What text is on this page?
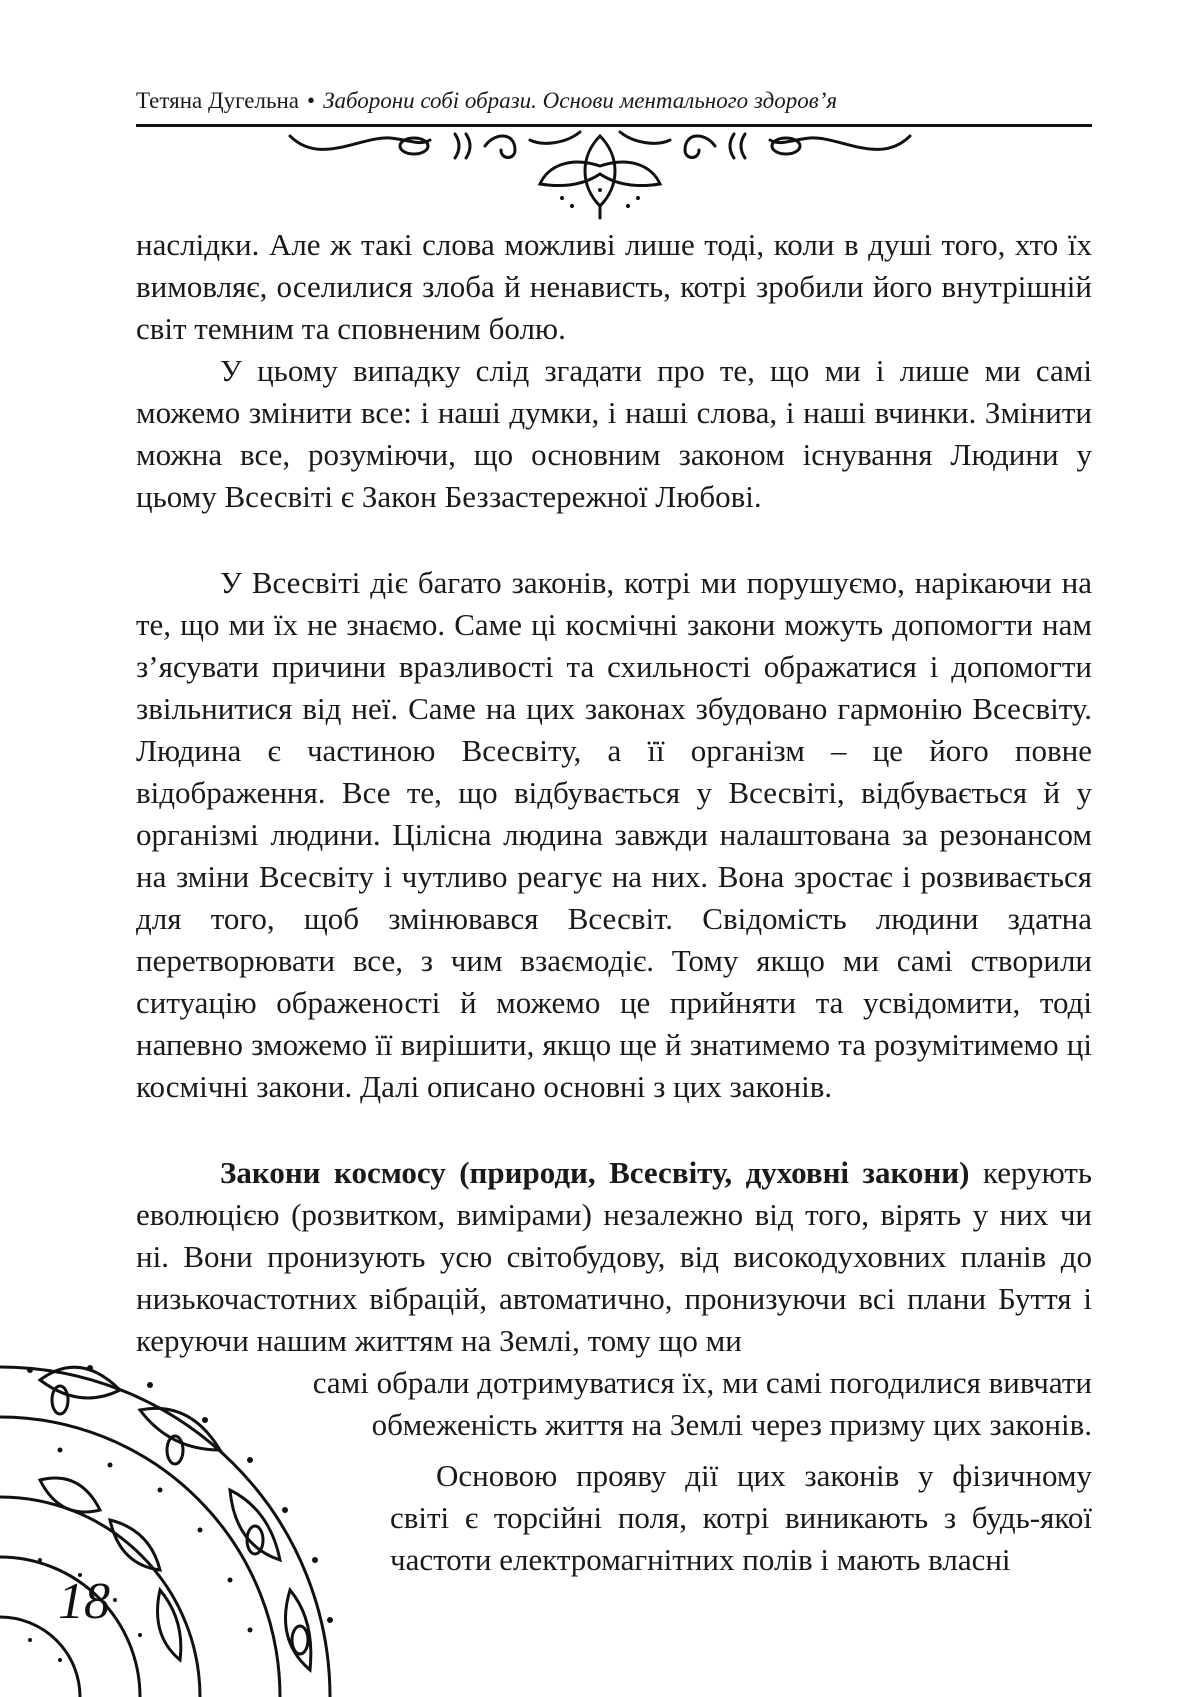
Тетяна Дугельна • Заборони собі образи. Основи ментального здоров’я

наслідки. Але ж такі слова можливі лише тоді, коли в душі того, хто їх вимовляє, оселилися злоба й ненависть, котрі зробили його внутрішній світ темним та сповненим болю.

У цьому випадку слід згадати про те, що ми і лише ми самі можемо змінити все: і наші думки, і наші слова, і наші вчинки. Змінити можна все, розуміючи, що основним законом існування Людини у цьому Всесвіті є Закон Беззастережної Любові.

У Всесвіті діє багато законів, котрі ми порушуємо, нарікаючи на те, що ми їх не знаємо. Саме ці космічні закони можуть допомогти нам з’ясувати причини вразливості та схильності ображатися і допомогти звільнитися від неї. Саме на цих законах збудовано гармонію Всесвіту. Людина є частиною Всесвіту, а її організм – це його повне відображення. Все те, що відбувається у Всесвіті, відбувається й у організмі людини. Цілісна людина завжди налаштована за резонансом на зміни Всесвіту і чутливо реагує на них. Вона зростає і розвивається для того, щоб змінювався Всесвіт. Свідомість людини здатна перетворювати все, з чим взаємодіє. Тому якщо ми самі створили ситуацію ображеності й можемо це прийняти та усвідомити, тоді напевно зможемо її вирішити, якщо ще й знатимемо та розумітимемо ці космічні закони. Далі описано основні з цих законів.

Закони космосу (природи, Всесвіту, духовні закони) керують еволюцією (розвитком, вимірами) незалежно від того, вірять у них чи ні. Вони пронизують усю світобудову, від високодуховних планів до низькочастотних вібрацій, автоматично, пронизуючи всі плани Буття і керуючи нашим життям на Землі, тому що ми

самі обрали дотримуватися їх, ми самі погодилися вивчати

обмеженість життя на Землі через призму цих законів.

Основою прояву дії цих законів у фізичному світі є торсійні поля, котрі виникають з будь-якої частоти електромагнітних полів і мають власні

18
